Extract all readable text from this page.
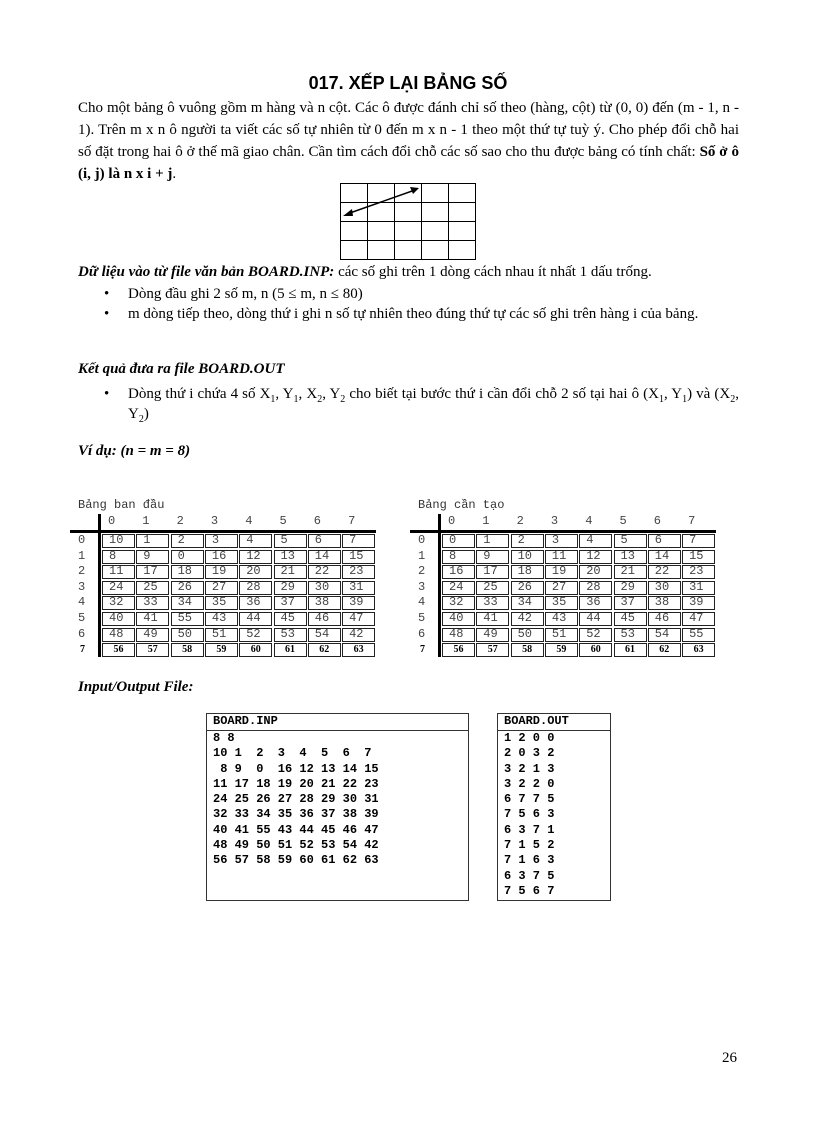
017. XẾP LẠI BẢNG SỐ
Cho một bảng ô vuông gồm m hàng và n cột. Các ô được đánh chỉ số theo (hàng, cột) từ (0, 0) đến (m - 1, n - 1). Trên m x n ô người ta viết các số tự nhiên từ 0 đến m x n - 1 theo một thứ tự tuỳ ý. Cho phép đổi chỗ hai số đặt trong hai ô ở thế mã giao chân. Cần tìm cách đổi chỗ các số sao cho thu được bảng có tính chất: Số ở ô (i, j) là n x i + j.
Dữ liệu vào từ file văn bản BOARD.INP: các số ghi trên 1 dòng cách nhau ít nhất 1 dấu trống.
• Dòng đầu ghi 2 số m, n (5 ≤ m, n ≤ 80)
• m dòng tiếp theo, dòng thứ i ghi n số tự nhiên theo đúng thứ tự các số ghi trên hàng i của bảng.
Kết quả đưa ra file BOARD.OUT
• Dòng thứ i chứa 4 số $X_1$, $Y_1$, $X_2$, $Y_2$ cho biết tại bước thứ i cần đổi chỗ 2 số tại hai ô ($X_1$, $Y_1$) và ($X_2$, $Y_2$)
Ví dụ: (n = m = 8)
Bảng ban đầu
0 1 2 3 4 5 6 7
0	10	1	2	3	4	5	6	7
1	8	9	0	16	12	13	14	15
2	11	17	18	19	20	21	22	23
3	24	25	26	27	28	29	30	31
4	32	33	34	35	36	37	38	39
5	40	41	55	43	44	45	46	47
6	48	49	50	51	52	53	54	42
7	56	57	58	59	60	61	62	63
Bảng cần tạo
0 1 2 3 4 5 6 7
0	0	1	2	3	4	5	6	7
1	8	9	10	11	12	13	14	15
2	16	17	18	19	20	21	22	23
3	24	25	26	27	28	29	30	31
4	32	33	34	35	36	37	38	39
5	40	41	42	43	44	45	46	47
6	48	49	50	51	52	53	54	55
7	56	57	58	59	60	61	62	63
Input/Output File:
BOARD.INP
8 8
10 1  2  3  4  5  6  7
8 9  0  16 12 13 14 15
11 17 18 19 20 21 22 23
24 25 26 27 28 29 30 31
32 33 34 35 36 37 38 39
40 41 55 43 44 45 46 47
48 49 50 51 52 53 54 42
56 57 58 59 60 61 62 63
BOARD.OUT
1 2 0 0
2 0 3 2
3 2 1 3
3 2 2 0
6 7 7 5
7 5 6 3
6 3 7 1
7 1 5 2
7 1 6 3
6 3 7 5
7 5 6 7
26
